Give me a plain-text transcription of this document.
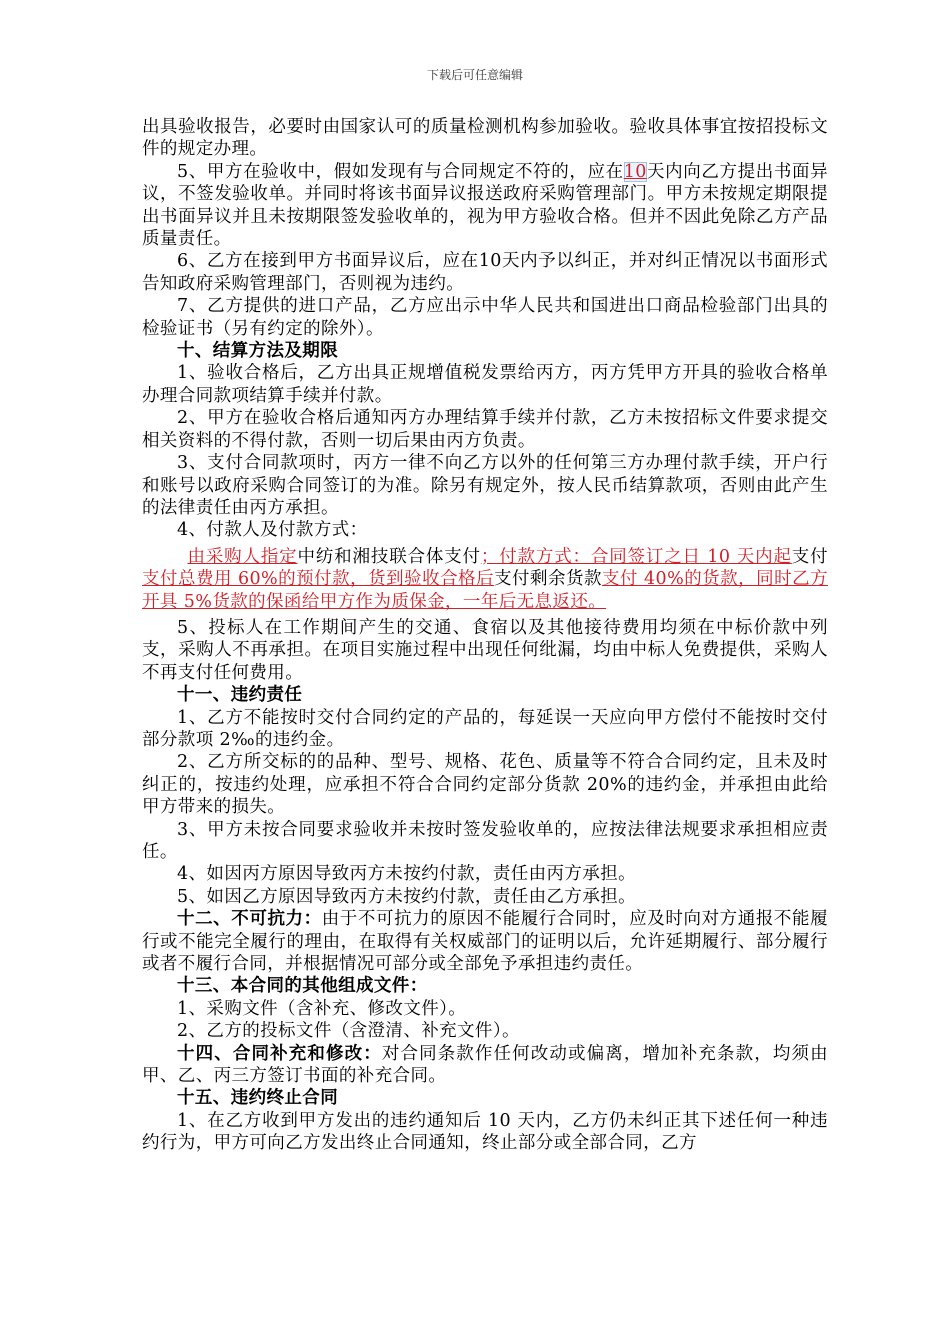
下载后可任意编辑

出具验收报告，必要时由国家认可的质量检测机构参加验收。验收具体事宜按招投标文件的规定办理。

5、甲方在验收中，假如发现有与合同规定不符的，应在10天内向乙方提出书面异议，不签发验收单。并同时将该书面异议报送政府采购管理部门。甲方未按规定期限提出书面异议并且未按期限签发验收单的，视为甲方验收合格。但并不因此免除乙方产品质量责任。

6、乙方在接到甲方书面异议后，应在10天内予以纠正，并对纠正情况以书面形式告知政府采购管理部门，否则视为违约。

7、乙方提供的进口产品，乙方应出示中华人民共和国进出口商品检验部门出具的检验证书（另有约定的除外）。

十、结算方法及期限

1、验收合格后，乙方出具正规增值税发票给丙方，丙方凭甲方开具的验收合格单办理合同款项结算手续并付款。

2、甲方在验收合格后通知丙方办理结算手续并付款，乙方未按招标文件要求提交相关资料的不得付款，否则一切后果由丙方负责。

3、支付合同款项时，丙方一律不向乙方以外的任何第三方办理付款手续，开户行和账号以政府采购合同签订的为准。除另有规定外，按人民币结算款项，否则由此产生的法律责任由丙方承担。

4、付款人及付款方式：

由采购人指定中纺和湘技联合体支付；付款方式：合同签订之日 10 天内起支付支付总费用 60%的预付款，货到验收合格后支付剩余货款支付 40%的货款，同时乙方开具 5%货款的保函给甲方作为质保金，一年后无息返还。

5、投标人在工作期间产生的交通、食宿以及其他接待费用均须在中标价款中列支，采购人不再承担。在项目实施过程中出现任何纰漏，均由中标人免费提供，采购人不再支付任何费用。

十一、违约责任

1、乙方不能按时交付合同约定的产品的，每延误一天应向甲方偿付不能按时交付部分款项 2‰的违约金。

2、乙方所交标的的品种、型号、规格、花色、质量等不符合合同约定，且未及时纠正的，按违约处理，应承担不符合合同约定部分货款 20%的违约金，并承担由此给甲方带来的损失。

3、甲方未按合同要求验收并未按时签发验收单的，应按法律法规要求承担相应责任。

4、如因丙方原因导致丙方未按约付款，责任由丙方承担。

5、如因乙方原因导致丙方未按约付款，责任由乙方承担。

十二、不可抗力：由于不可抗力的原因不能履行合同时，应及时向对方通报不能履行或不能完全履行的理由，在取得有关权威部门的证明以后，允许延期履行、部分履行或者不履行合同，并根据情况可部分或全部免予承担违约责任。

十三、本合同的其他组成文件：

1、采购文件（含补充、修改文件）。

2、乙方的投标文件（含澄清、补充文件）。

十四、合同补充和修改：对合同条款作任何改动或偏离，增加补充条款，均须由甲、乙、丙三方签订书面的补充合同。

十五、违约终止合同

1、在乙方收到甲方发出的违约通知后 10 天内，乙方仍未纠正其下述任何一种违约行为，甲方可向乙方发出终止合同通知，终止部分或全部合同，乙方
